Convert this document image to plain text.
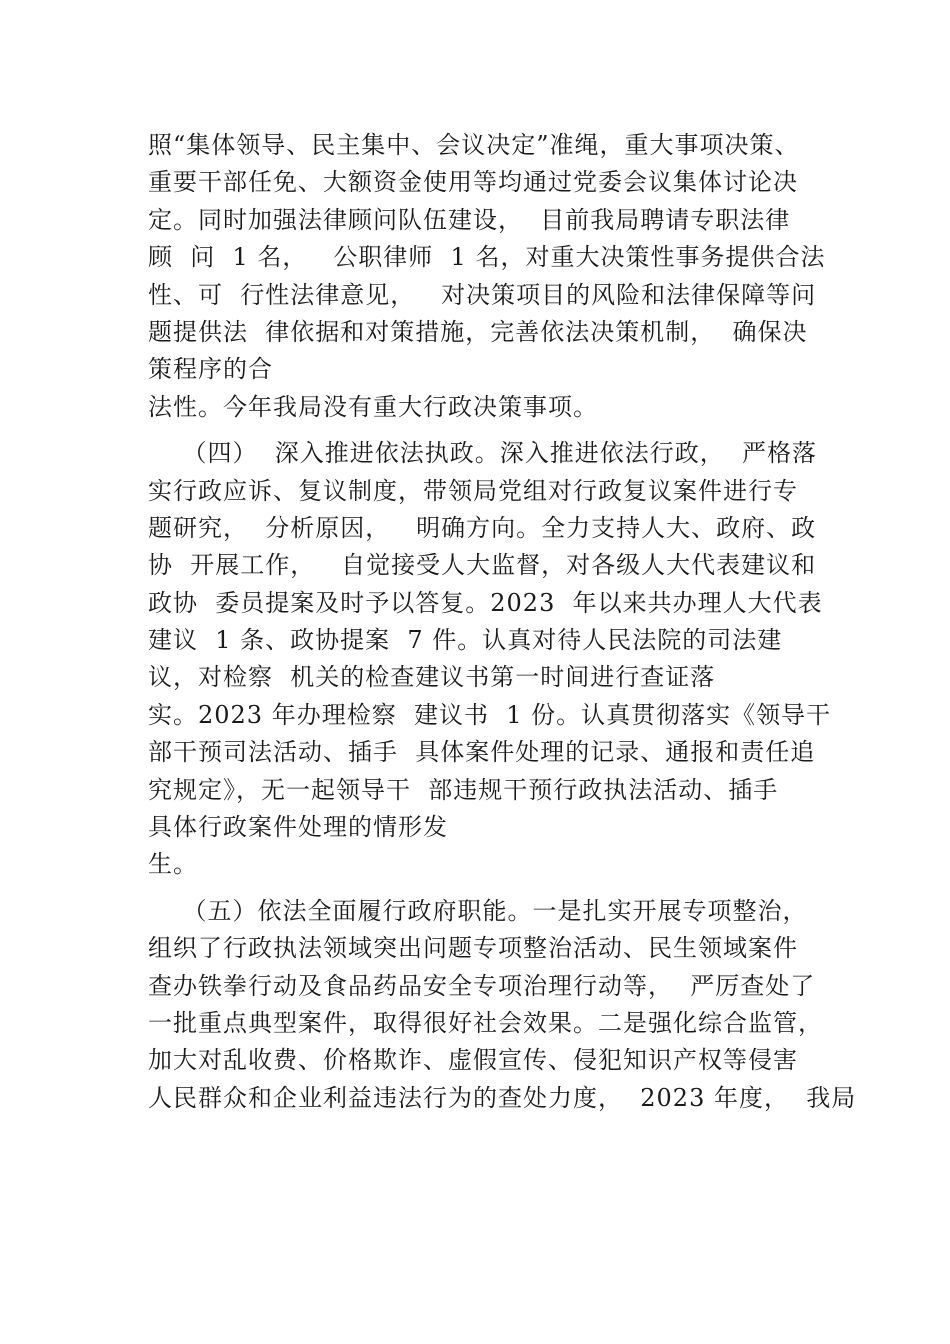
照“集体领导、民主集中、会议决定”准绳，重大事项决策、
重要干部任免、大额资金使用等均通过党委会议集体讨论决
定。同时加强法律顾问队伍建设，  目前我局聘请专职法律
顾  问  1 名，   公职律师  1 名，对重大决策性事务提供合法
性、可  行性法律意见，   对决策项目的风险和法律保障等问
题提供法  律依据和对策措施，完善依法决策机制，  确保决
策程序的合
法性。今年我局没有重大行政决策事项。
（四）  深入推进依法执政。深入推进依法行政，  严格落
实行政应诉、复议制度，带领局党组对行政复议案件进行专
题研究，  分析原因，   明确方向。全力支持人大、政府、政
协  开展工作，   自觉接受人大监督，对各级人大代表建议和
政协  委员提案及时予以答复。2023  年以来共办理人大代表
建议  1 条、政协提案  7 件。认真对待人民法院的司法建
议，对检察  机关的检查建议书第一时间进行查证落
实。2023 年办理检察  建议书  1 份。认真贯彻落实《领导干
部干预司法活动、插手  具体案件处理的记录、通报和责任追
究规定》，无一起领导干  部违规干预行政执法活动、插手
具体行政案件处理的情形发
生。
（五）依法全面履行政府职能。一是扎实开展专项整治，
组织了行政执法领域突出问题专项整治活动、民生领域案件
查办铁拳行动及食品药品安全专项治理行动等，  严厉查处了
一批重点典型案件，取得很好社会效果。二是强化综合监管，
加大对乱收费、价格欺诈、虚假宣传、侵犯知识产权等侵害
人民群众和企业利益违法行为的查处力度，  2023 年度，  我局
